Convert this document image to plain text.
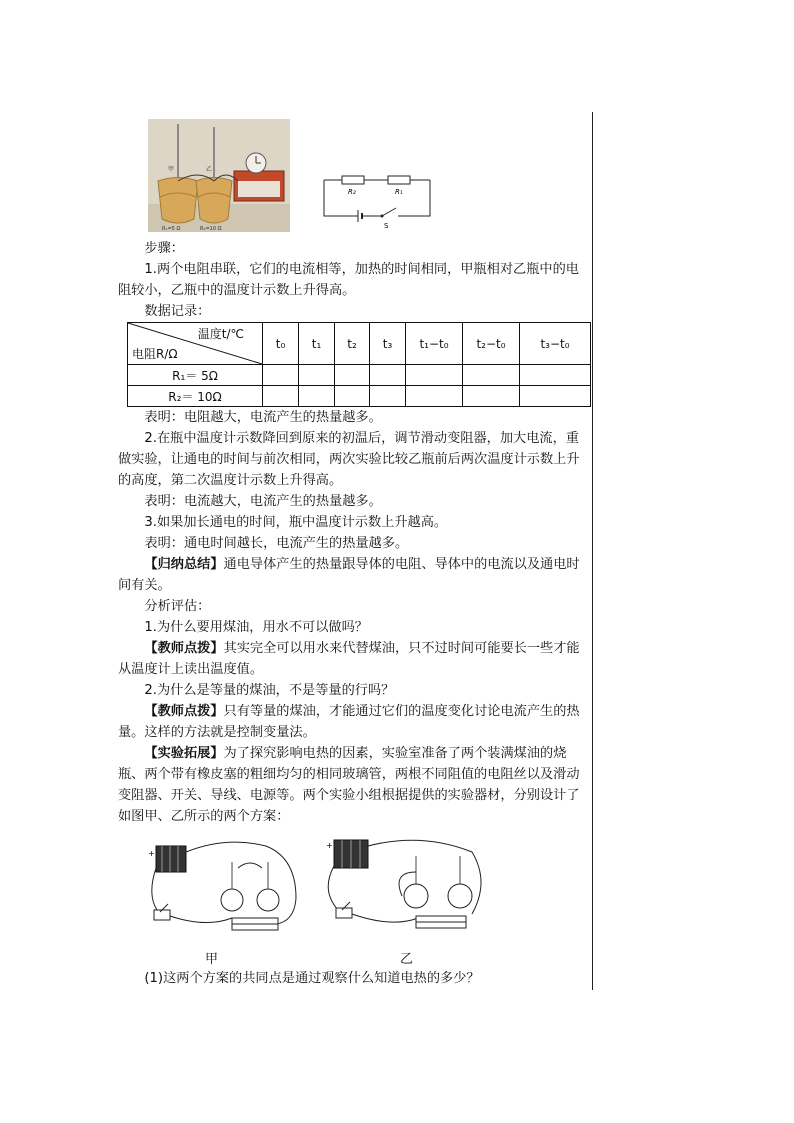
甲	乙
R₁=5 Ω	R₂=10 Ω
R₂	R₁
S

步骤：

1.两个电阻串联，它们的电流相等，加热的时间相同，甲瓶相对乙瓶中的电阻较小，乙瓶中的温度计示数上升得高。

数据记录：

温度t/℃
电阻R/Ω	t₀	t₁	t₂	t₃	t₁−t₀	t₂−t₀	t₃−t₀
R₁＝ 5Ω							
R₂＝ 10Ω							

表明：电阻越大，电流产生的热量越多。

2.在瓶中温度计示数降回到原来的初温后，调节滑动变阻器，加大电流，重做实验，让通电的时间与前次相同，两次实验比较乙瓶前后两次温度计示数上升的高度，第二次温度计示数上升得高。

表明：电流越大，电流产生的热量越多。

3.如果加长通电的时间，瓶中温度计示数上升越高。

表明：通电时间越长，电流产生的热量越多。

【归纳总结】通电导体产生的热量跟导体的电阻、导体中的电流以及通电时间有关。

分析评估：

1.为什么要用煤油，用水不可以做吗？

【教师点拨】其实完全可以用水来代替煤油，只不过时间可能要长一些才能从温度计上读出温度值。

2.为什么是等量的煤油，不是等量的行吗？

【教师点拨】只有等量的煤油，才能通过它们的温度变化讨论电流产生的热量。这样的方法就是控制变量法。

【实验拓展】为了探究影响电热的因素，实验室准备了两个装满煤油的烧瓶、两个带有橡皮塞的粗细均匀的相同玻璃管，两根不同阻值的电阻丝以及滑动变阻器、开关、导线、电源等。两个实验小组根据提供的实验器材，分别设计了如图甲、乙所示的两个方案：

+
甲
+
乙

(1)这两个方案的共同点是通过观察什么知道电热的多少？
